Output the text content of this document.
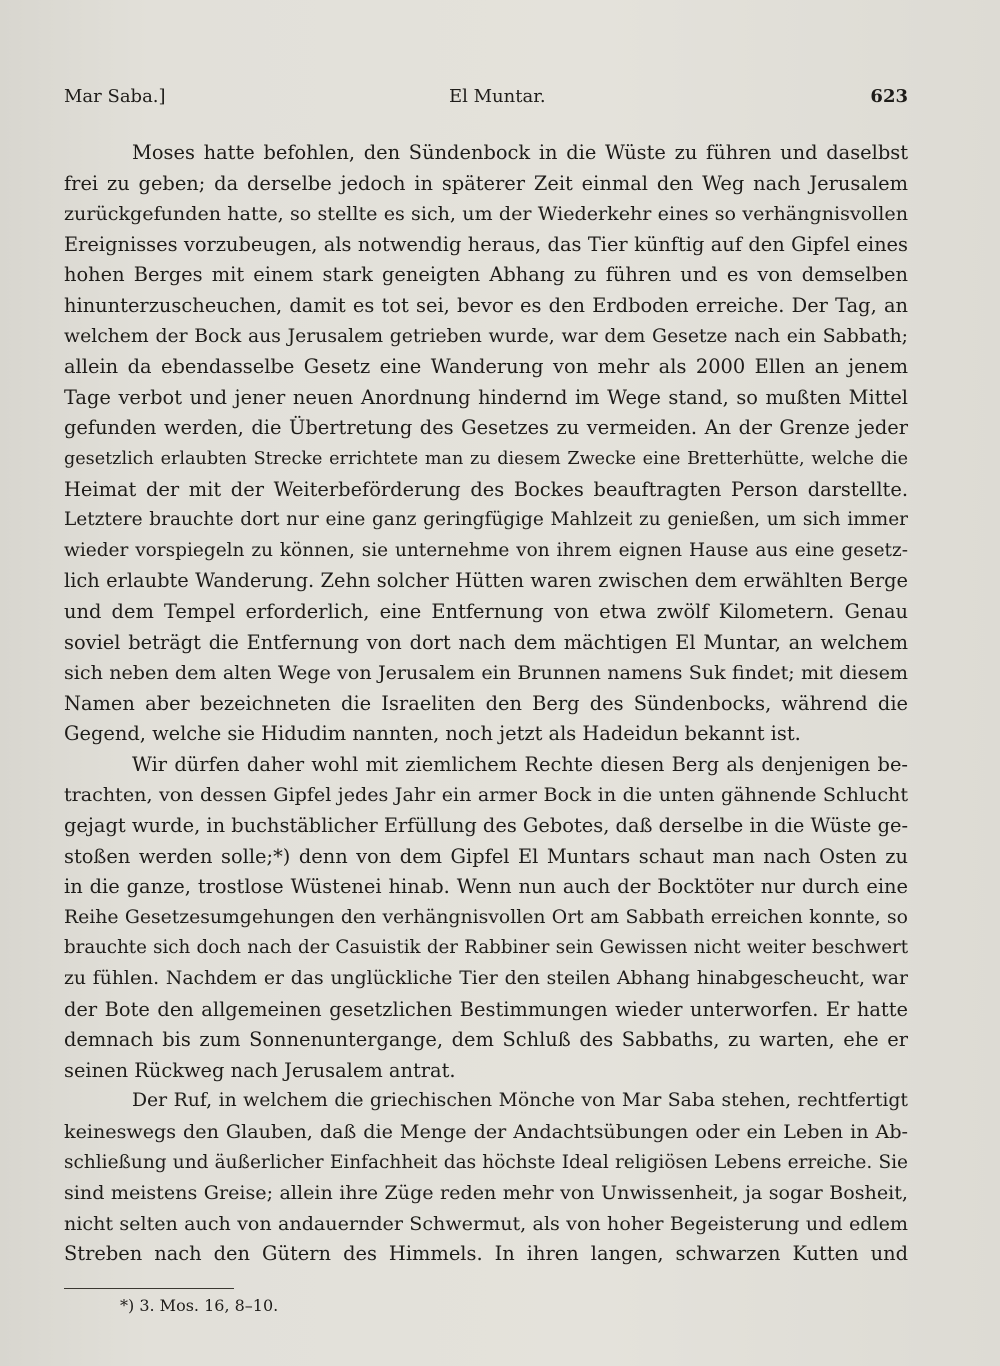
Mar Saba.]	El Muntar.	623
Moses hatte befohlen, den Sündenbock in die Wüste zu führen und daselbst
frei zu geben; da derselbe jedoch in späterer Zeit einmal den Weg nach Jerusalem
zurückgefunden hatte, so stellte es sich, um der Wiederkehr eines so verhängnisvollen
Ereignisses vorzubeugen, als notwendig heraus, das Tier künftig auf den Gipfel eines
hohen Berges mit einem stark geneigten Abhang zu führen und es von demselben
hinunterzuscheuchen, damit es tot sei, bevor es den Erdboden erreiche. Der Tag, an
welchem der Bock aus Jerusalem getrieben wurde, war dem Gesetze nach ein Sabbath;
allein da ebendasselbe Gesetz eine Wanderung von mehr als 2000 Ellen an jenem
Tage verbot und jener neuen Anordnung hindernd im Wege stand, so mußten Mittel
gefunden werden, die Übertretung des Gesetzes zu vermeiden. An der Grenze jeder
gesetzlich erlaubten Strecke errichtete man zu diesem Zwecke eine Bretterhütte, welche die
Heimat der mit der Weiterbeförderung des Bockes beauftragten Person darstellte.
Letztere brauchte dort nur eine ganz geringfügige Mahlzeit zu genießen, um sich immer
wieder vorspiegeln zu können, sie unternehme von ihrem eignen Hause aus eine gesetz-
lich erlaubte Wanderung. Zehn solcher Hütten waren zwischen dem erwählten Berge
und dem Tempel erforderlich, eine Entfernung von etwa zwölf Kilometern. Genau
soviel beträgt die Entfernung von dort nach dem mächtigen El Muntar, an welchem
sich neben dem alten Wege von Jerusalem ein Brunnen namens Suk findet; mit diesem
Namen aber bezeichneten die Israeliten den Berg des Sündenbocks, während die
Gegend, welche sie Hidudim nannten, noch jetzt als Hadeidun bekannt ist.
Wir dürfen daher wohl mit ziemlichem Rechte diesen Berg als denjenigen be-
trachten, von dessen Gipfel jedes Jahr ein armer Bock in die unten gähnende Schlucht
gejagt wurde, in buchstäblicher Erfüllung des Gebotes, daß derselbe in die Wüste ge-
stoßen werden solle;*) denn von dem Gipfel El Muntars schaut man nach Osten zu
in die ganze, trostlose Wüstenei hinab. Wenn nun auch der Bocktöter nur durch eine
Reihe Gesetzesumgehungen den verhängnisvollen Ort am Sabbath erreichen konnte, so
brauchte sich doch nach der Casuistik der Rabbiner sein Gewissen nicht weiter beschwert
zu fühlen. Nachdem er das unglückliche Tier den steilen Abhang hinabgescheucht, war
der Bote den allgemeinen gesetzlichen Bestimmungen wieder unterworfen. Er hatte
demnach bis zum Sonnenuntergange, dem Schluß des Sabbaths, zu warten, ehe er
seinen Rückweg nach Jerusalem antrat.
Der Ruf, in welchem die griechischen Mönche von Mar Saba stehen, rechtfertigt
keineswegs den Glauben, daß die Menge der Andachtsübungen oder ein Leben in Ab-
schließung und äußerlicher Einfachheit das höchste Ideal religiösen Lebens erreiche. Sie
sind meistens Greise; allein ihre Züge reden mehr von Unwissenheit, ja sogar Bosheit,
nicht selten auch von andauernder Schwermut, als von hoher Begeisterung und edlem
Streben nach den Gütern des Himmels. In ihren langen, schwarzen Kutten und
*) 3. Mos. 16, 8–10.
